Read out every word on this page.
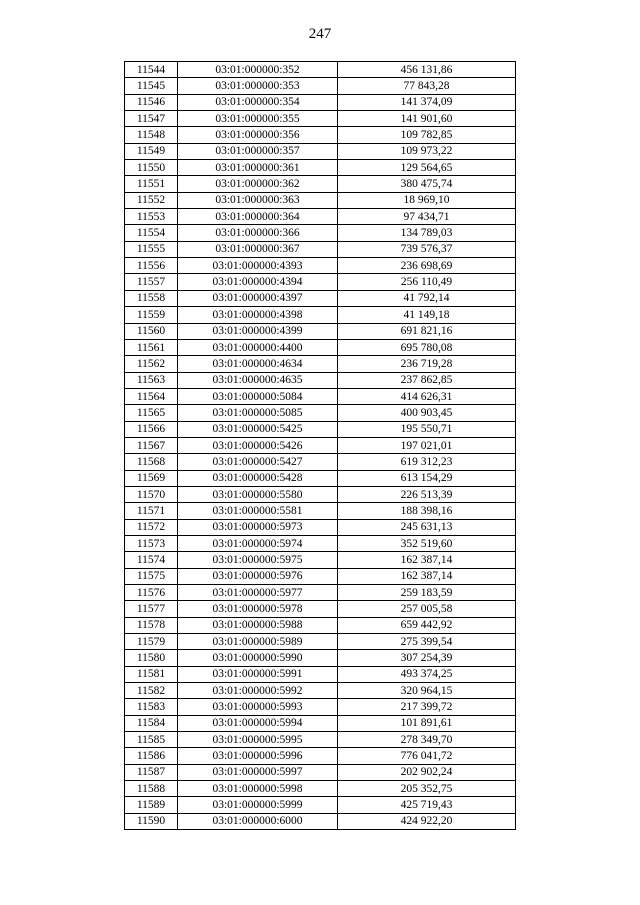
247
11544	03:01:000000:352	456 131,86
11545	03:01:000000:353	77 843,28
11546	03:01:000000:354	141 374,09
11547	03:01:000000:355	141 901,60
11548	03:01:000000:356	109 782,85
11549	03:01:000000:357	109 973,22
11550	03:01:000000:361	129 564,65
11551	03:01:000000:362	380 475,74
11552	03:01:000000:363	18 969,10
11553	03:01:000000:364	97 434,71
11554	03:01:000000:366	134 789,03
11555	03:01:000000:367	739 576,37
11556	03:01:000000:4393	236 698,69
11557	03:01:000000:4394	256 110,49
11558	03:01:000000:4397	41 792,14
11559	03:01:000000:4398	41 149,18
11560	03:01:000000:4399	691 821,16
11561	03:01:000000:4400	695 780,08
11562	03:01:000000:4634	236 719,28
11563	03:01:000000:4635	237 862,85
11564	03:01:000000:5084	414 626,31
11565	03:01:000000:5085	400 903,45
11566	03:01:000000:5425	195 550,71
11567	03:01:000000:5426	197 021,01
11568	03:01:000000:5427	619 312,23
11569	03:01:000000:5428	613 154,29
11570	03:01:000000:5580	226 513,39
11571	03:01:000000:5581	188 398,16
11572	03:01:000000:5973	245 631,13
11573	03:01:000000:5974	352 519,60
11574	03:01:000000:5975	162 387,14
11575	03:01:000000:5976	162 387,14
11576	03:01:000000:5977	259 183,59
11577	03:01:000000:5978	257 005,58
11578	03:01:000000:5988	659 442,92
11579	03:01:000000:5989	275 399,54
11580	03:01:000000:5990	307 254,39
11581	03:01:000000:5991	493 374,25
11582	03:01:000000:5992	320 964,15
11583	03:01:000000:5993	217 399,72
11584	03:01:000000:5994	101 891,61
11585	03:01:000000:5995	278 349,70
11586	03:01:000000:5996	776 041,72
11587	03:01:000000:5997	202 902,24
11588	03:01:000000:5998	205 352,75
11589	03:01:000000:5999	425 719,43
11590	03:01:000000:6000	424 922,20
